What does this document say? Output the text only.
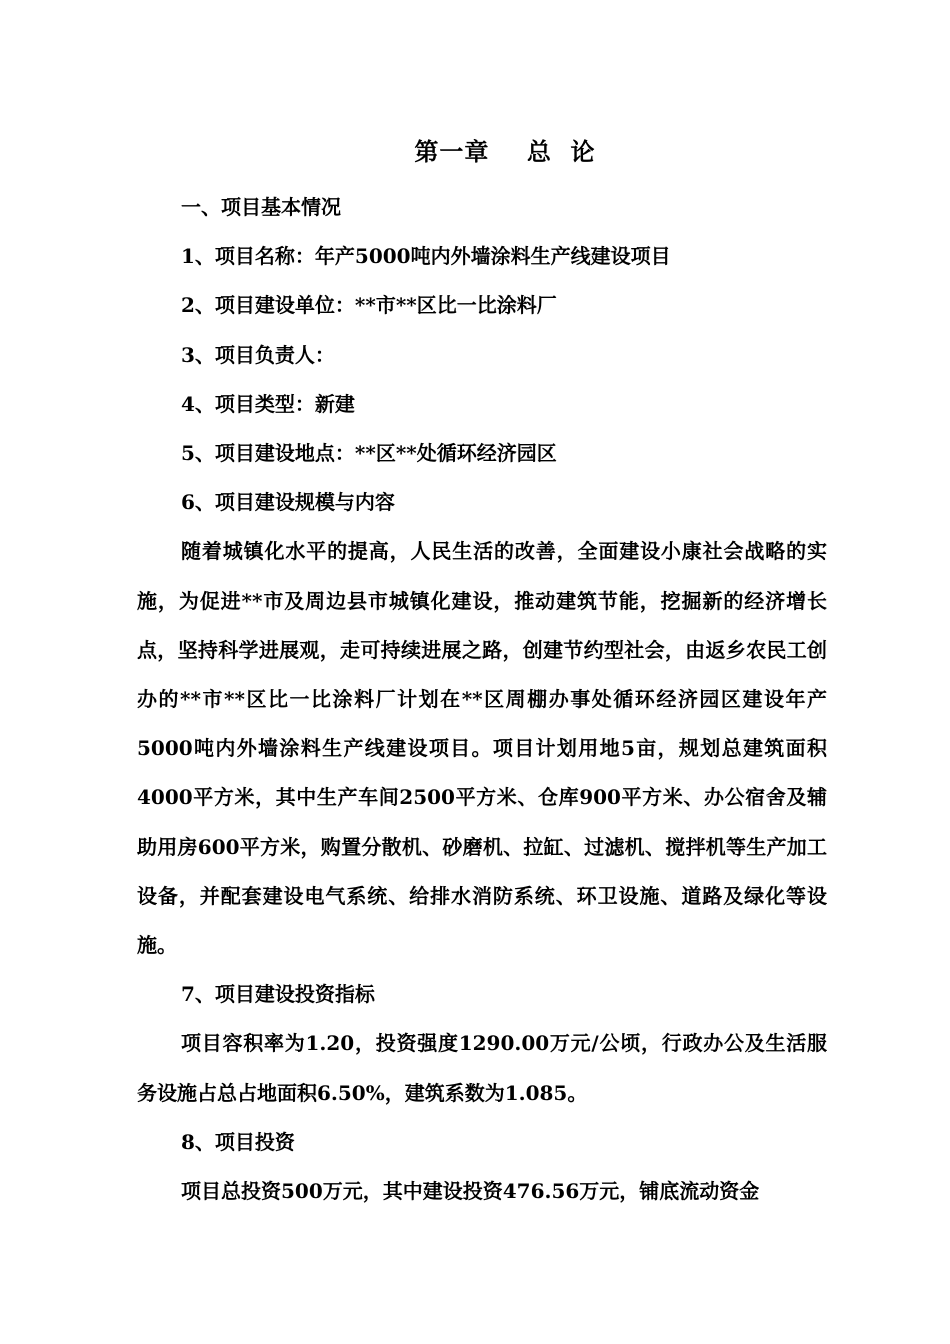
第一章    总  论
一、项目基本情况
1、项目名称：年产5000吨内外墙涂料生产线建设项目
2、项目建设单位：**市**区比一比涂料厂
3、项目负责人：
4、项目类型：新建
5、项目建设地点：**区**处循环经济园区
6、项目建设规模与内容

随着城镇化水平的提高，人民生活的改善，全面建设小康社会战略的实施，为促进**市及周边县市城镇化建设，推动建筑节能，挖掘新的经济增长点，坚持科学进展观，走可持续进展之路，创建节约型社会，由返乡农民工创办的**市**区比一比涂料厂计划在**区周棚办事处循环经济园区建设年产5000吨内外墙涂料生产线建设项目。项目计划用地5亩，规划总建筑面积4000平方米，其中生产车间2500平方米、仓库900平方米、办公宿舍及辅助用房600平方米，购置分散机、砂磨机、拉缸、过滤机、搅拌机等生产加工设备，并配套建设电气系统、给排水消防系统、环卫设施、道路及绿化等设施。

7、项目建设投资指标

项目容积率为1.20，投资强度1290.00万元/公顷，行政办公及生活服务设施占总占地面积6.50%，建筑系数为1.085。

8、项目投资

项目总投资500万元，其中建设投资476.56万元，铺底流动资金
